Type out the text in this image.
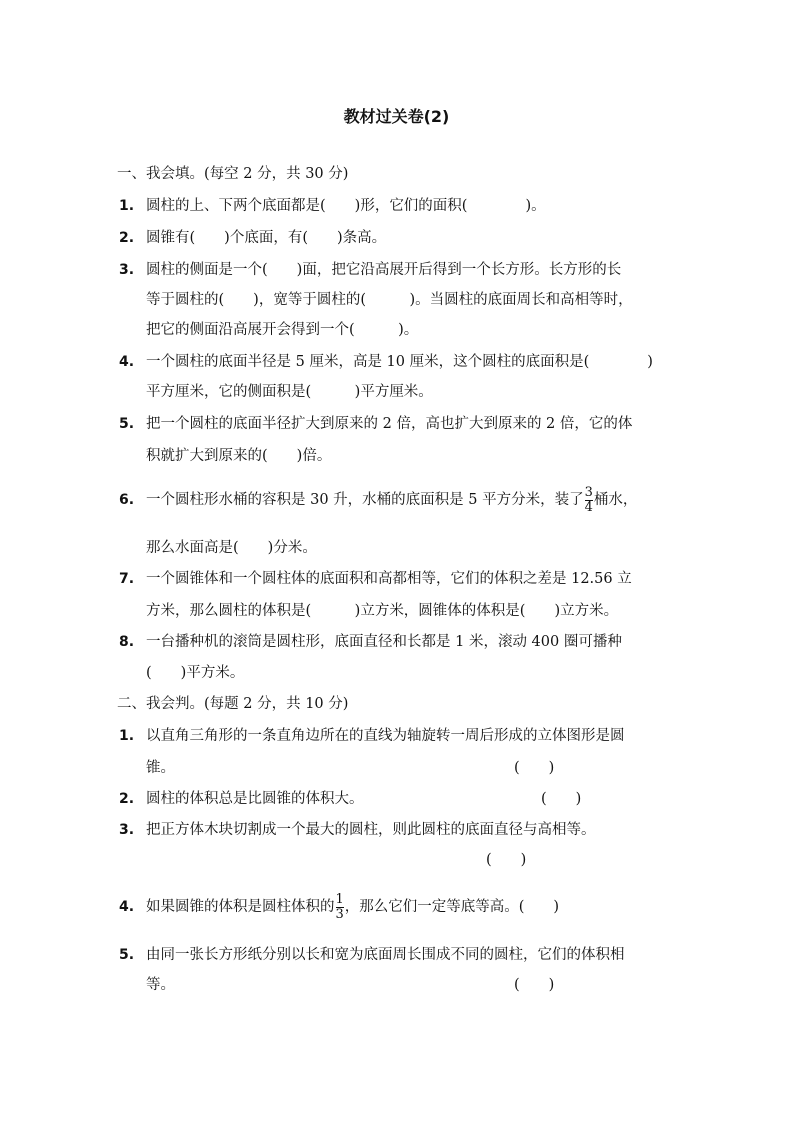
教材过关卷(2)
一、我会填。(每空 2 分，共 30 分)
1. 圆柱的上、下两个底面都是(　　)形，它们的面积(　　　　)。
2. 圆锥有(　　)个底面，有(　　)条高。
3. 圆柱的侧面是一个(　　)面，把它沿高展开后得到一个长方形。长方形的长
等于圆柱的(　　)，宽等于圆柱的(　　　)。当圆柱的底面周长和高相等时，
把它的侧面沿高展开会得到一个(　　　)。
4. 一个圆柱的底面半径是 5 厘米，高是 10 厘米，这个圆柱的底面积是(　　　　)
平方厘米，它的侧面积是(　　　)平方厘米。
5. 把一个圆柱的底面半径扩大到原来的 2 倍，高也扩大到原来的 2 倍，它的体
积就扩大到原来的(　　)倍。
6. 一个圆柱形水桶的容积是 30 升，水桶的底面积是 5 平方分米，装了 $\frac{3}{4}$ 桶水，
那么水面高是(　　)分米。
7. 一个圆锥体和一个圆柱体的底面积和高都相等，它们的体积之差是 12.56 立
方米，那么圆柱的体积是(　　　)立方米，圆锥体的体积是(　　)立方米。
8. 一台播种机的滚筒是圆柱形，底面直径和长都是 1 米，滚动 400 圈可播种
(　　)平方米。
二、我会判。(每题 2 分，共 10 分)
1. 以直角三角形的一条直角边所在的直线为轴旋转一周后形成的立体图形是圆
锥。	(　　)
2. 圆柱的体积总是比圆锥的体积大。	(　　)
3. 把正方体木块切割成一个最大的圆柱，则此圆柱的底面直径与高相等。
(　　)
4. 如果圆锥的体积是圆柱体积的 $\frac{1}{3}$ ，那么它们一定等底等高。(　　)
5. 由同一张长方形纸分别以长和宽为底面周长围成不同的圆柱，它们的体积相
等。	(　　)
